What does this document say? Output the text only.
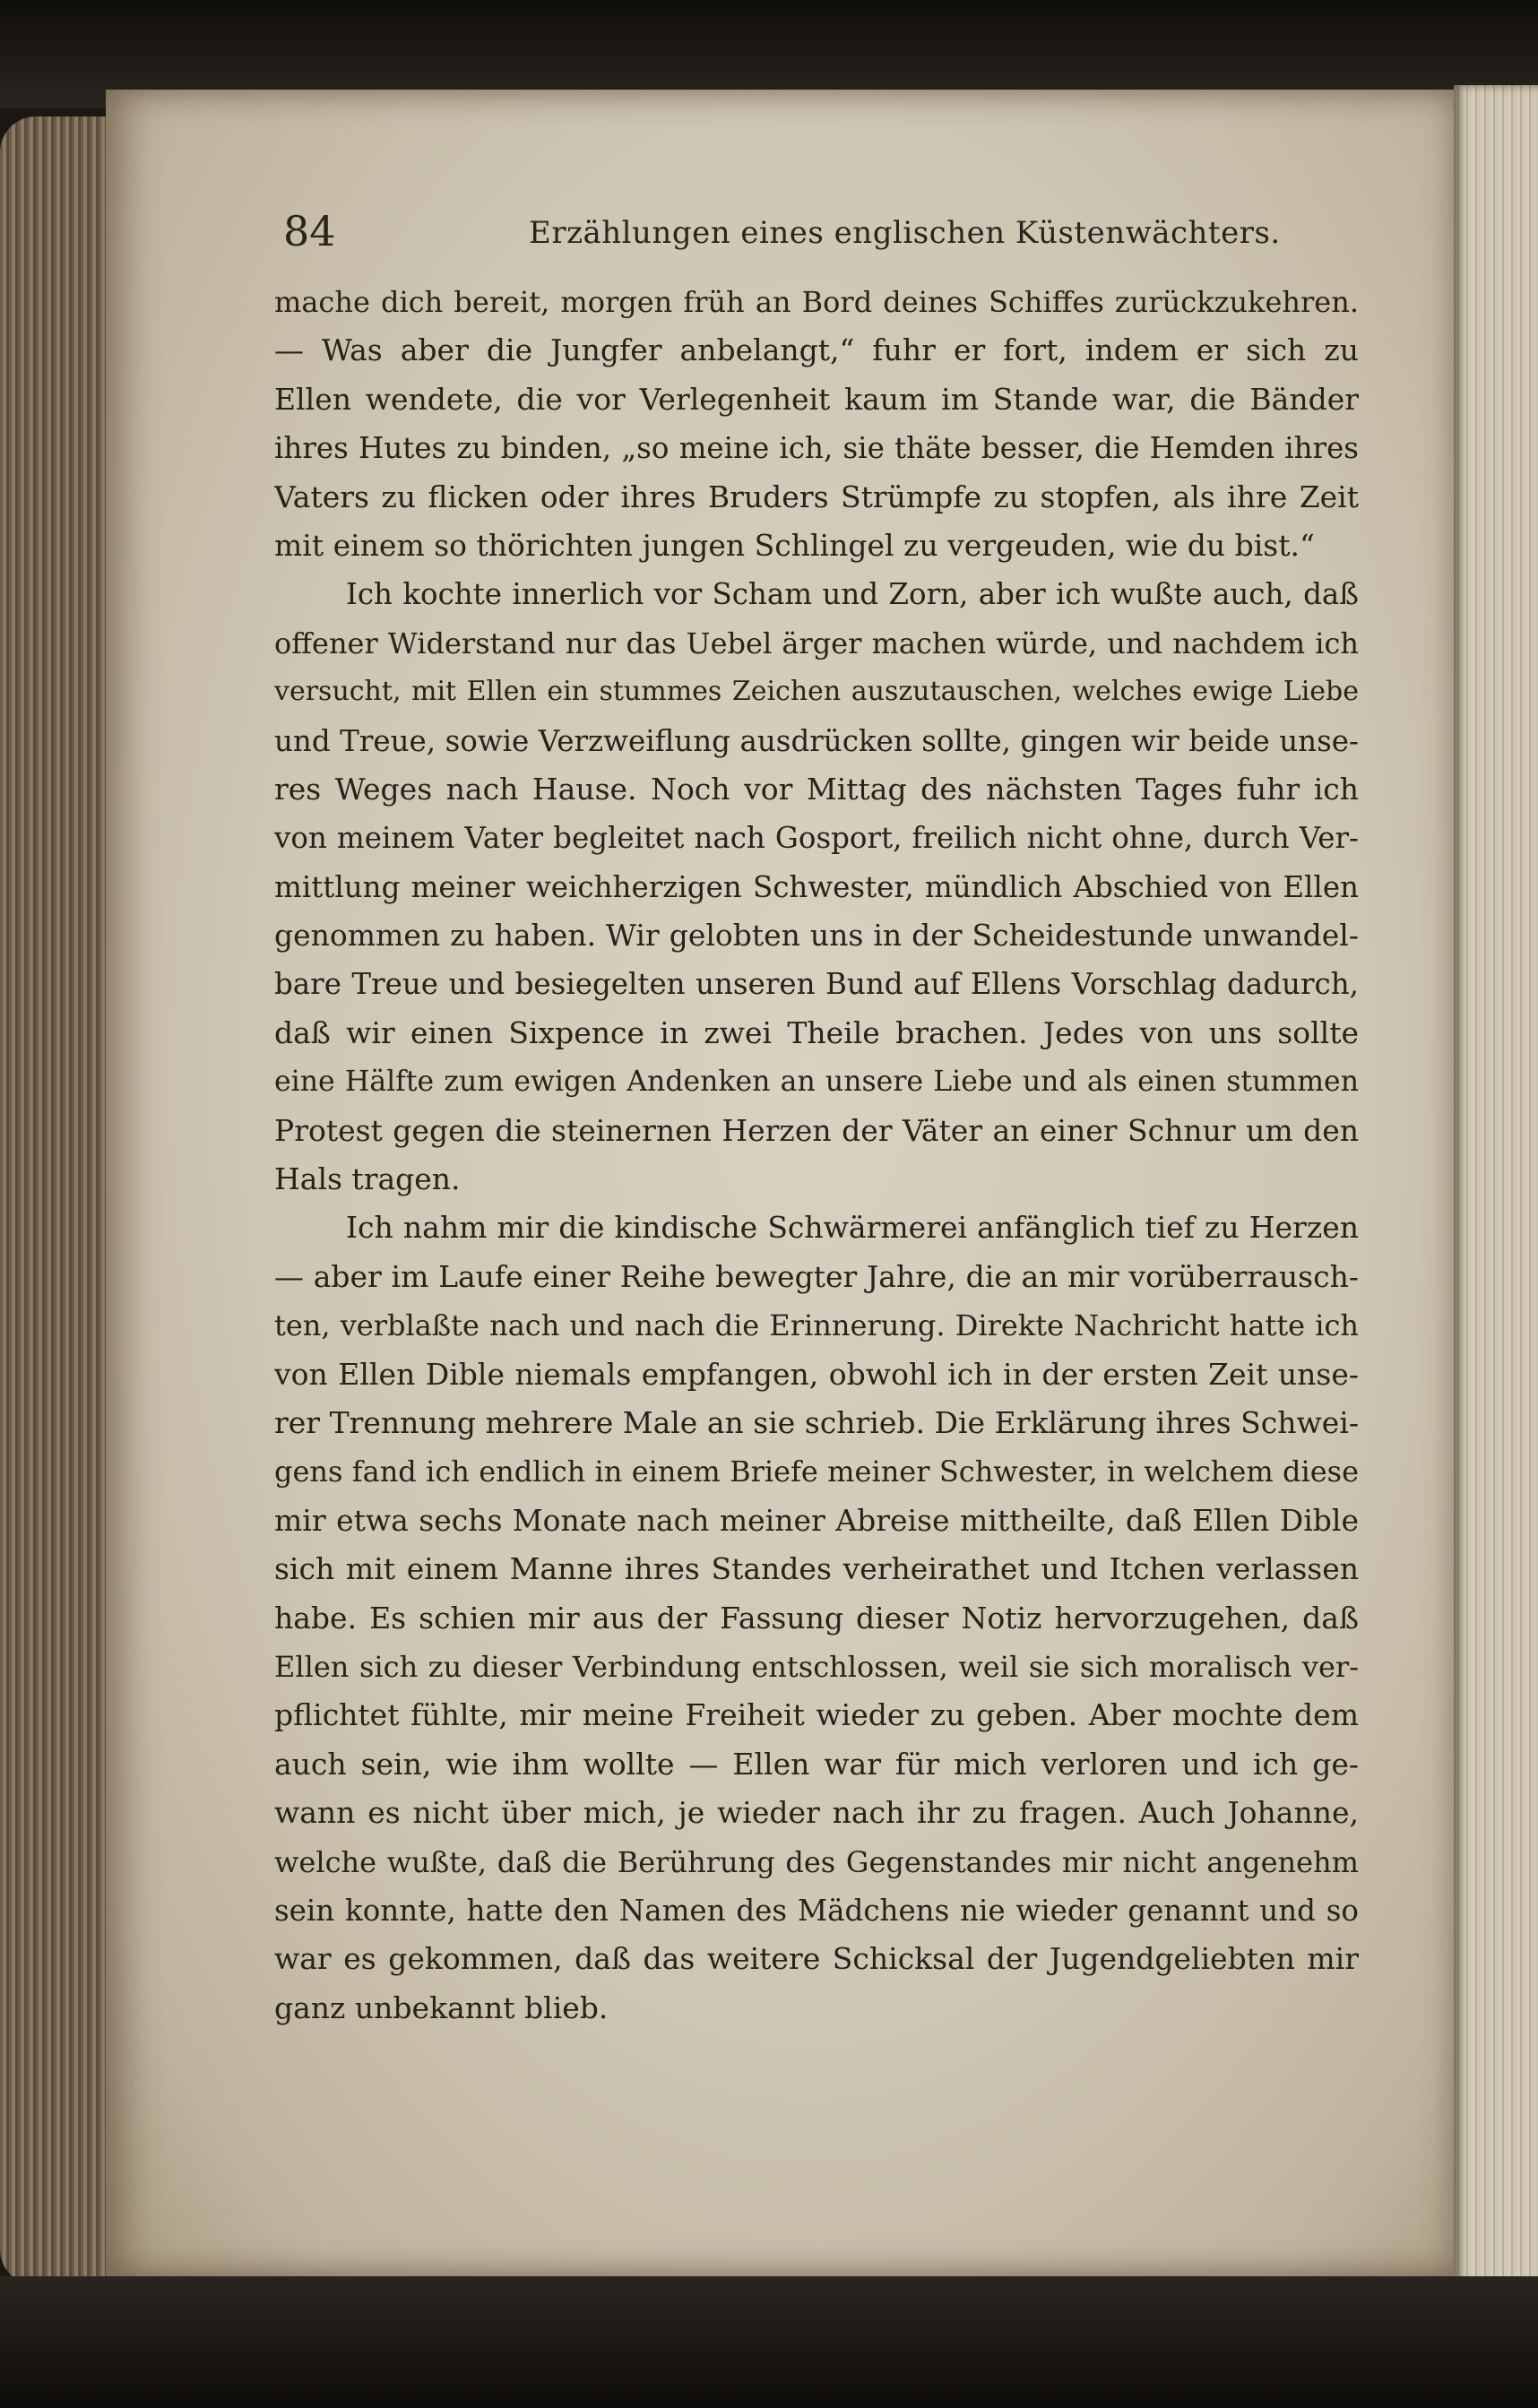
84	Erzählungen eines englischen Küstenwächters.
mache dich bereit, morgen früh an Bord deines Schiffes zurückzukehren.
— Was aber die Jungfer anbelangt,“ fuhr er fort, indem er sich zu
Ellen wendete, die vor Verlegenheit kaum im Stande war, die Bänder
ihres Hutes zu binden, „so meine ich, sie thäte besser, die Hemden ihres
Vaters zu flicken oder ihres Bruders Strümpfe zu stopfen, als ihre Zeit
mit einem so thörichten jungen Schlingel zu vergeuden, wie du bist.“
Ich kochte innerlich vor Scham und Zorn, aber ich wußte auch, daß
offener Widerstand nur das Uebel ärger machen würde, und nachdem ich
versucht, mit Ellen ein stummes Zeichen auszutauschen, welches ewige Liebe
und Treue, sowie Verzweiflung ausdrücken sollte, gingen wir beide unse-
res Weges nach Hause. Noch vor Mittag des nächsten Tages fuhr ich
von meinem Vater begleitet nach Gosport, freilich nicht ohne, durch Ver-
mittlung meiner weichherzigen Schwester, mündlich Abschied von Ellen
genommen zu haben. Wir gelobten uns in der Scheidestunde unwandel-
bare Treue und besiegelten unseren Bund auf Ellens Vorschlag dadurch,
daß wir einen Sixpence in zwei Theile brachen. Jedes von uns sollte
eine Hälfte zum ewigen Andenken an unsere Liebe und als einen stummen
Protest gegen die steinernen Herzen der Väter an einer Schnur um den
Hals tragen.
Ich nahm mir die kindische Schwärmerei anfänglich tief zu Herzen
— aber im Laufe einer Reihe bewegter Jahre, die an mir vorüberrausch-
ten, verblaßte nach und nach die Erinnerung. Direkte Nachricht hatte ich
von Ellen Dible niemals empfangen, obwohl ich in der ersten Zeit unse-
rer Trennung mehrere Male an sie schrieb. Die Erklärung ihres Schwei-
gens fand ich endlich in einem Briefe meiner Schwester, in welchem diese
mir etwa sechs Monate nach meiner Abreise mittheilte, daß Ellen Dible
sich mit einem Manne ihres Standes verheirathet und Itchen verlassen
habe. Es schien mir aus der Fassung dieser Notiz hervorzugehen, daß
Ellen sich zu dieser Verbindung entschlossen, weil sie sich moralisch ver-
pflichtet fühlte, mir meine Freiheit wieder zu geben. Aber mochte dem
auch sein, wie ihm wollte — Ellen war für mich verloren und ich ge-
wann es nicht über mich, je wieder nach ihr zu fragen. Auch Johanne,
welche wußte, daß die Berührung des Gegenstandes mir nicht angenehm
sein konnte, hatte den Namen des Mädchens nie wieder genannt und so
war es gekommen, daß das weitere Schicksal der Jugendgeliebten mir
ganz unbekannt blieb.
